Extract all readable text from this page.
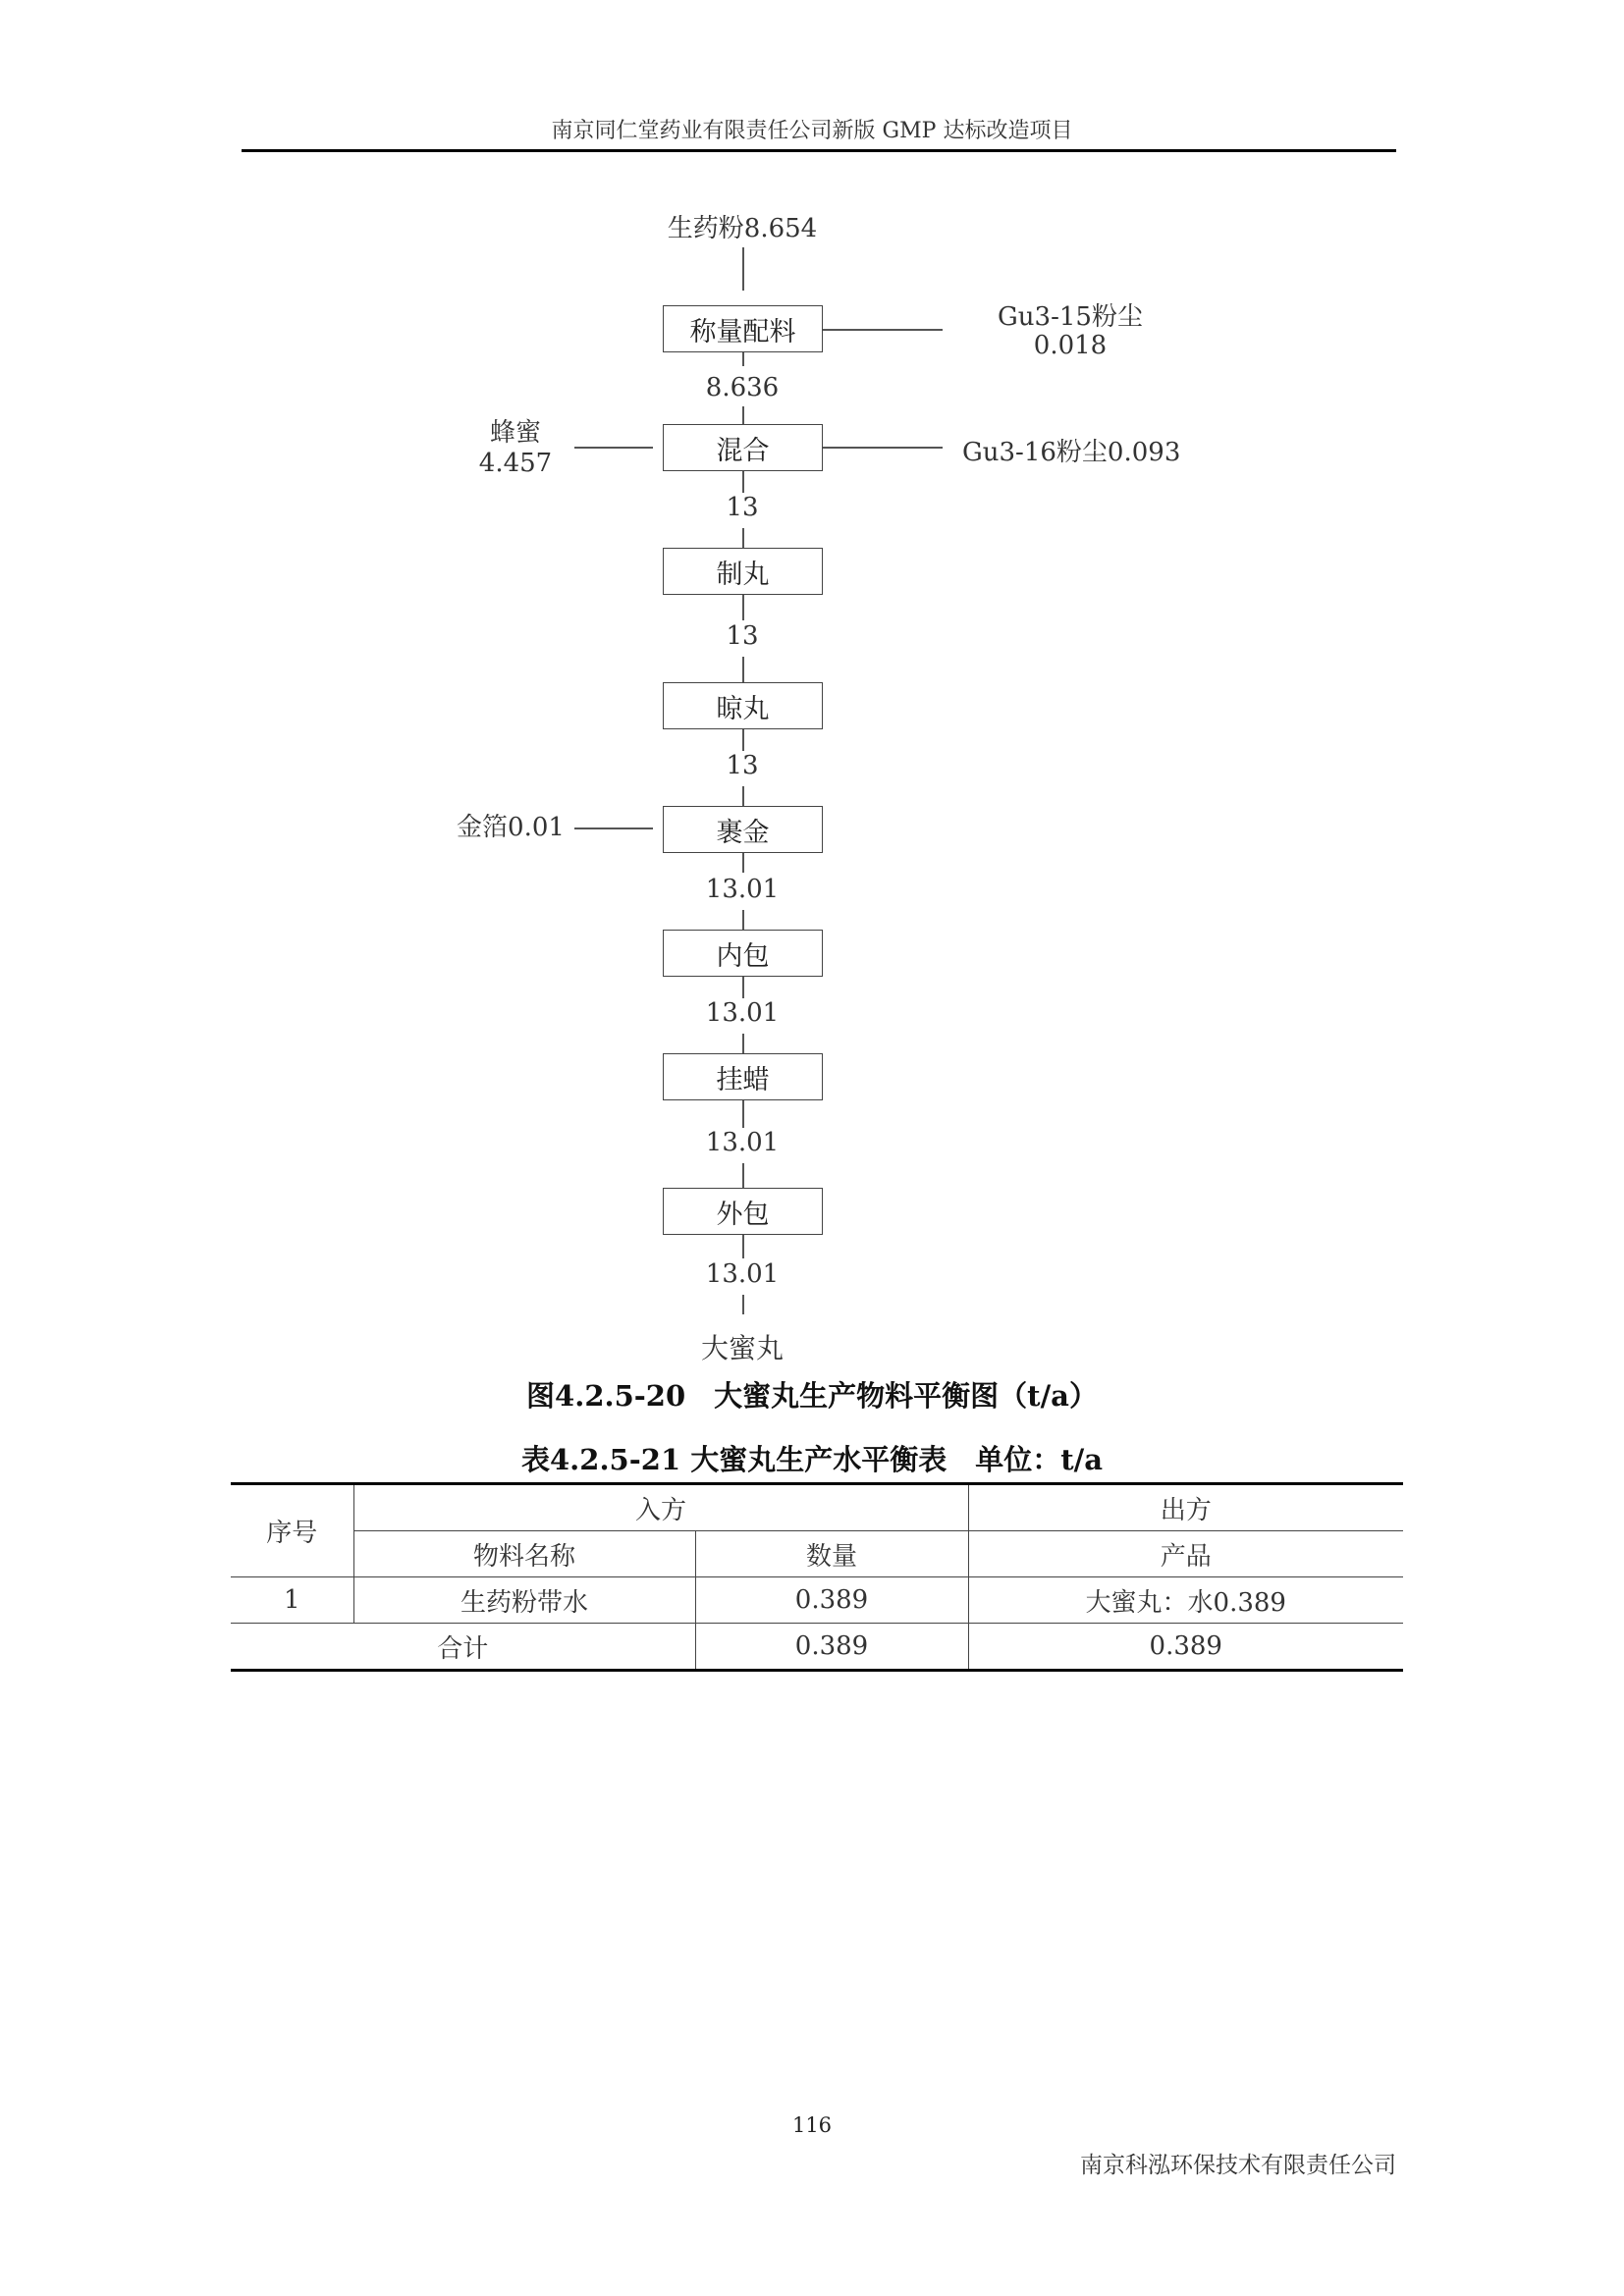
南京同仁堂药业有限责任公司新版 GMP 达标改造项目
生药粉8.654
称量配料	Gu3-15粉尘
0.018
8.636
混合
蜂蜜
4.457	Gu3-16粉尘0.093
13
制丸
13
晾丸
13
裹金
金箔0.01
13.01
内包
13.01
挂蜡
13.01
外包
13.01
大蜜丸
图4.2.5-20　大蜜丸生产物料平衡图（t/a）
表4.2.5-21 大蜜丸生产水平衡表　单位：t/a
序号	入方		出方
	物料名称	数量	产品
1	生药粉带水	0.389	大蜜丸：水0.389
合计		0.389	0.389
116
南京科泓环保技术有限责任公司
